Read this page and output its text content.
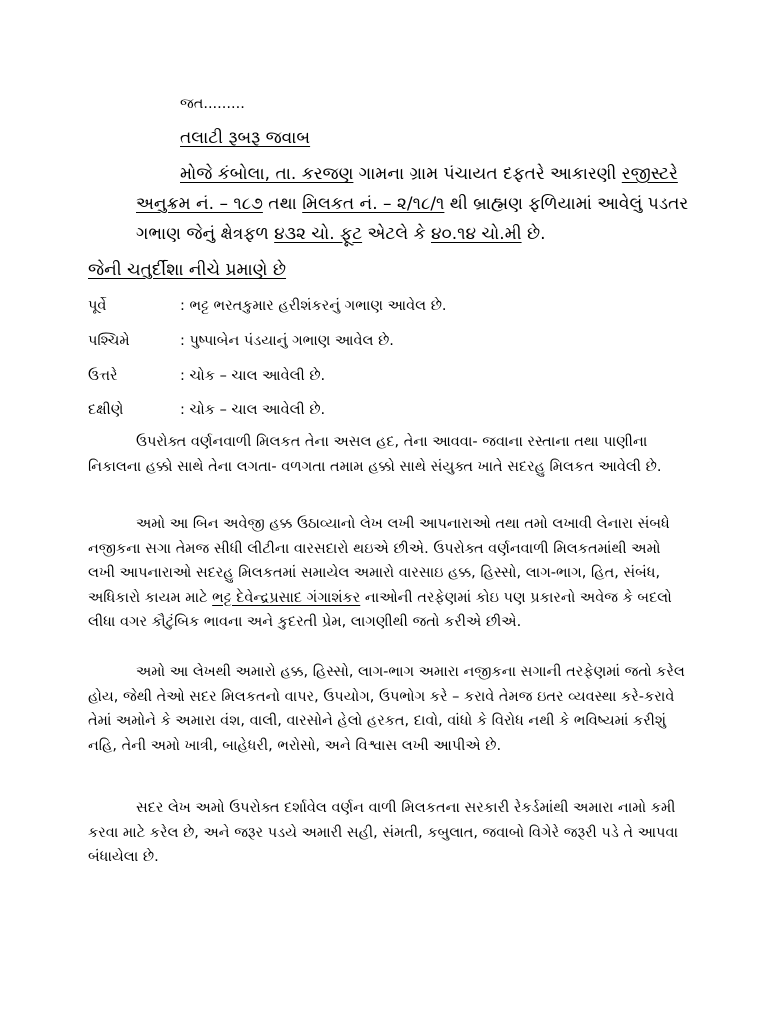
જત.........
તલાટી રૂબરૂ જવાબ
મોજે કંબોલા, તા. કરજણ ગામના ગ્રામ પંચાયત દફતરે આકારણી રજીસ્ટરે
અનુક્રમ નં. – ૧૮૭ તથા મિલકત નં. – ૨/૧૮/૧ થી બ્રાહ્મણ ફળિયામાં આવેલું પડતર
ગભાણ જેનું ક્ષેત્રફળ ૪૩૨ ચો. ફૂટ એટલે કે ૪૦.૧૪ ચો.મી છે.
જેની ચતુર્દીશા નીચે પ્રમાણે છે
પૂર્વે	: ભટ્ટ ભરતકુમાર હરીશંકરનું ગભાણ આવેલ છે.
પશ્ચિમે	: પુષ્પાબેન પંડયાનું ગભાણ આવેલ છે.
ઉત્તરે	: ચોક – ચાલ આવેલી છે.
દક્ષીણે	: ચોક – ચાલ આવેલી છે.
ઉપરોક્ત વર્ણનવાળી મિલકત તેના અસલ હદ, તેના આવવા- જવાના રસ્તાના તથા પાણીના નિકાલના હક્કો સાથે તેના લગતા- વળગતા તમામ હક્કો સાથે સંયુક્ત ખાતે સદરહુ મિલકત આવેલી છે.
અમો આ બિન અવેજી હક્ક ઉઠાવ્યાનો લેખ લખી આપનારાઓ તથા તમો લખાવી લેનારા સંબધે નજીકના સગા તેમજ સીધી લીટીના વારસદારો થઇએ છીએ. ઉપરોક્ત વર્ણનવાળી મિલકતમાંથી અમો લખી આપનારાઓ સદરહુ મિલકતમાં સમાયેલ અમારો વારસાઇ હક્ક, હિસ્સો, લાગ-ભાગ, હિત, સંબંધ, અધિકારો કાયમ માટે ભટ્ટ દેવેન્દ્રપ્રસાદ ગંગાશંકર નાઓની તરફેણમાં કોઇ પણ પ્રકારનો અવેજ કે બદલો લીધા વગર કૌટુંબિક ભાવના અને કુદરતી પ્રેમ, લાગણીથી જતો કરીએ છીએ.
અમો આ લેખથી અમારો હક્ક, હિસ્સો, લાગ-ભાગ અમારા નજીકના સગાની તરફેણમાં જતો કરેલ હોય, જેથી તેઓ સદર મિલકતનો વાપર, ઉપયોગ, ઉપભોગ કરે – કરાવે તેમજ ઇતર વ્યવસ્થા કરે-કરાવે તેમાં અમોને કે અમારા વંશ, વાલી, વારસોને હેલો હરકત, દાવો, વાંધો કે વિરોધ નથી કે ભવિષ્યમાં કરીશું નહિ, તેની અમો ખાત્રી, બાહેધરી, ભરોસો, અને વિશ્વાસ લખી આપીએ છે.
સદર લેખ અમો ઉપરોક્ત દર્શાવેલ વર્ણન વાળી મિલકતના સરકારી રેકર્ડમાંથી અમારા નામો કમી કરવા માટે કરેલ છે, અને જરૂર પડયે અમારી સહી, સંમતી, કબુલાત, જવાબો વિગેરે જરૂરી પડે તે આપવા બંધાયેલા છે.
